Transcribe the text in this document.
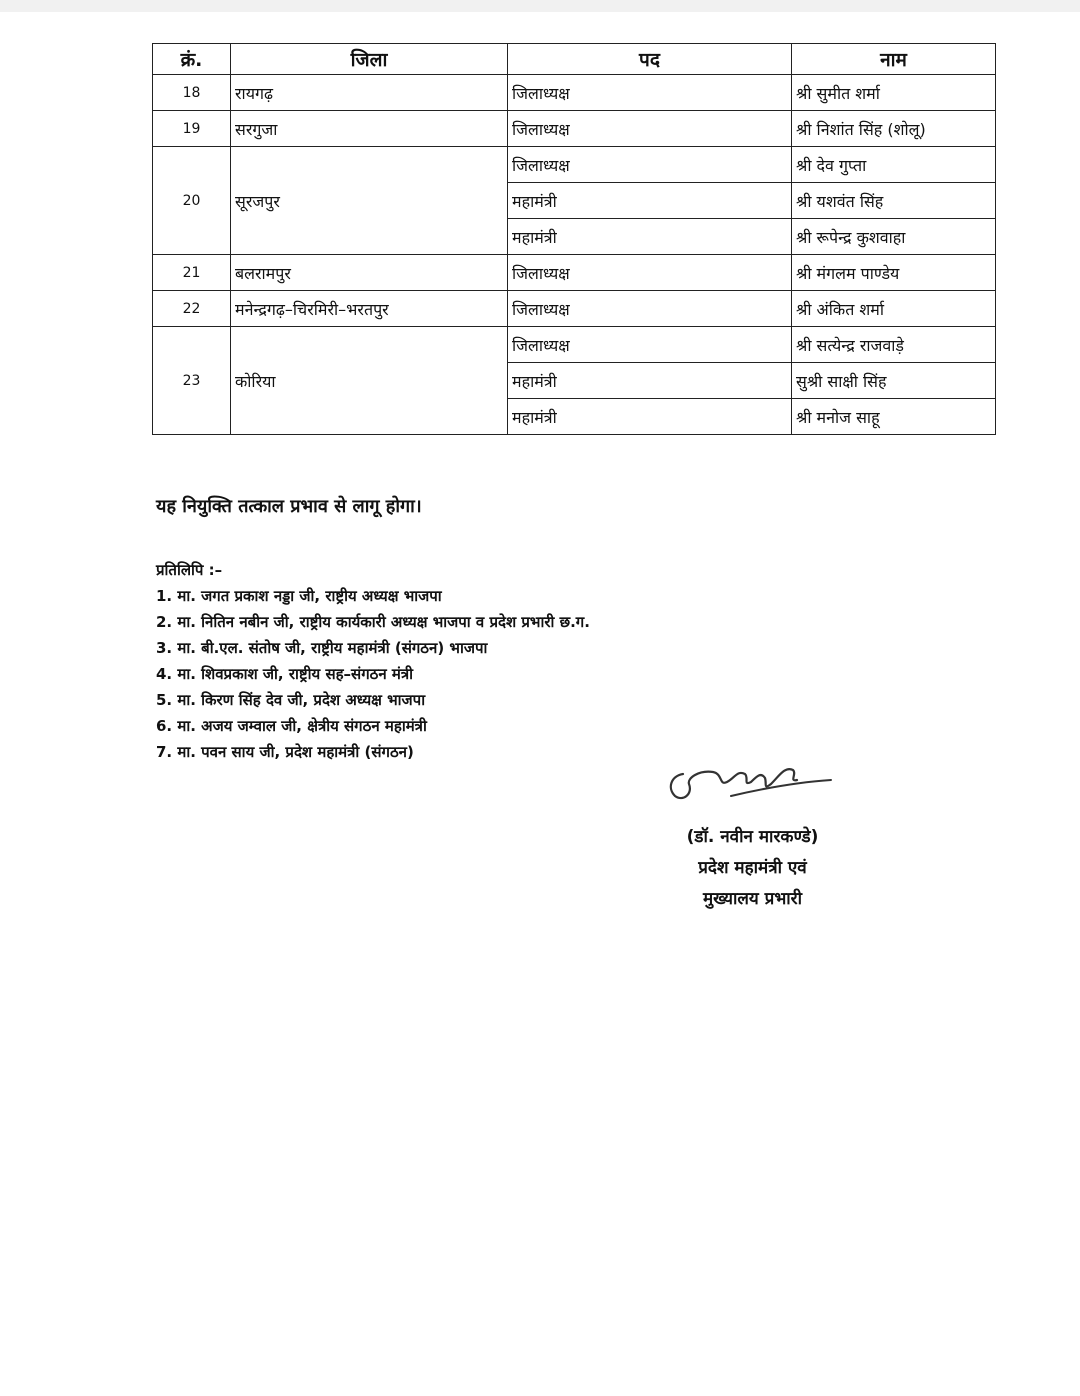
क्रं.	जिला	पद	नाम
18	रायगढ़	जिलाध्यक्ष	श्री सुमीत शर्मा
19	सरगुजा	जिलाध्यक्ष	श्री निशांत सिंह (शोलू)
20	सूरजपुर	जिलाध्यक्ष	श्री देव गुप्ता
		महामंत्री	श्री यशवंत सिंह
		महामंत्री	श्री रूपेन्द्र कुशवाहा
21	बलरामपुर	जिलाध्यक्ष	श्री मंगलम पाण्डेय
22	मनेन्द्रगढ़–चिरमिरी–भरतपुर	जिलाध्यक्ष	श्री अंकित शर्मा
23	कोरिया	जिलाध्यक्ष	श्री सत्येन्द्र राजवाड़े
		महामंत्री	सुश्री साक्षी सिंह
		महामंत्री	श्री मनोज साहू
यह नियुक्ति तत्काल प्रभाव से लागू होगा।
प्रतिलिपि :–
1. मा. जगत प्रकाश नड्डा जी, राष्ट्रीय अध्यक्ष भाजपा
2. मा. नितिन नबीन जी, राष्ट्रीय कार्यकारी अध्यक्ष भाजपा व प्रदेश प्रभारी छ.ग.
3. मा. बी.एल. संतोष जी, राष्ट्रीय महामंत्री (संगठन) भाजपा
4. मा. शिवप्रकाश जी, राष्ट्रीय सह–संगठन मंत्री
5. मा. किरण सिंह देव जी, प्रदेश अध्यक्ष भाजपा
6. मा. अजय जम्वाल जी, क्षेत्रीय संगठन महामंत्री
7. मा. पवन साय जी, प्रदेश महामंत्री (संगठन)
(डॉ. नवीन मारकण्डे)
प्रदेश महामंत्री एवं
मुख्यालय प्रभारी
